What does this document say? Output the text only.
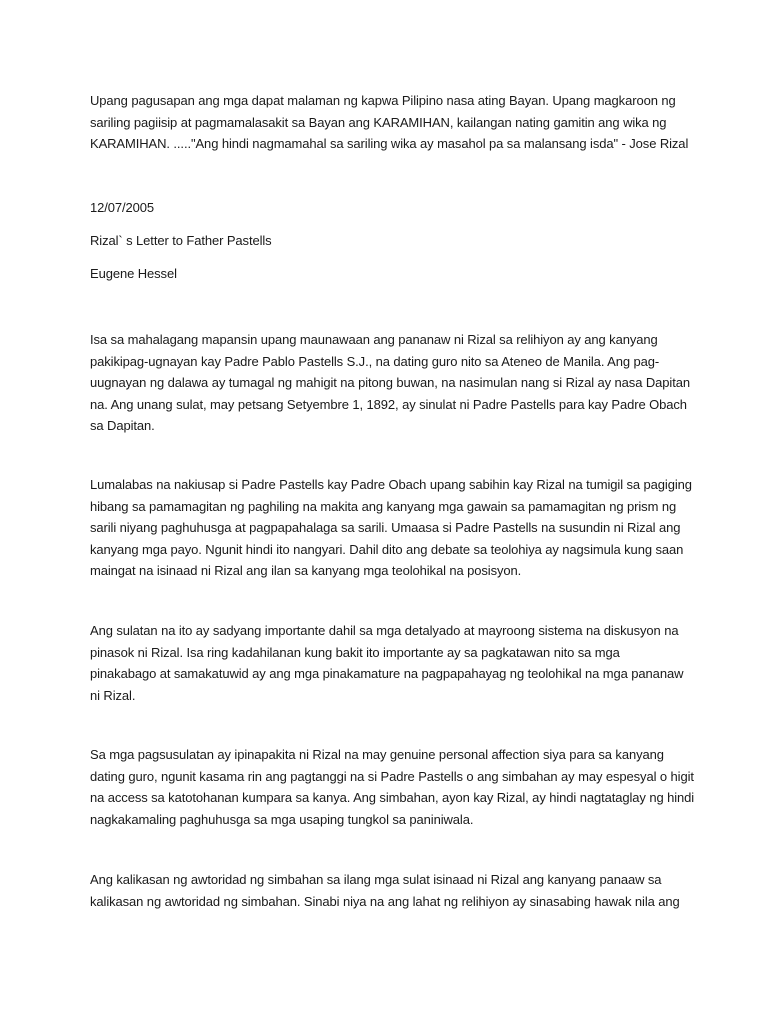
Upang pagusapan ang mga dapat malaman ng kapwa Pilipino nasa ating Bayan. Upang magkaroon ng
sariling pagiisip at pagmamalasakit sa Bayan ang KARAMIHAN, kailangan nating gamitin ang wika ng
KARAMIHAN. ....."Ang hindi nagmamahal sa sariling wika ay masahol pa sa malansang isda" - Jose Rizal

12/07/2005

Rizal` s Letter to Father Pastells

Eugene Hessel

Isa sa mahalagang mapansin upang maunawaan ang pananaw ni Rizal sa relihiyon ay ang kanyang
pakikipag-ugnayan kay Padre Pablo Pastells S.J., na dating guro nito sa Ateneo de Manila. Ang pag-
uugnayan ng dalawa ay tumagal ng mahigit na pitong buwan, na nasimulan nang si Rizal ay nasa Dapitan
na. Ang unang sulat, may petsang Setyembre 1, 1892, ay sinulat ni Padre Pastells para kay Padre Obach
sa Dapitan.

Lumalabas na nakiusap si Padre Pastells kay Padre Obach upang sabihin kay Rizal na tumigil sa pagiging
hibang sa pamamagitan ng paghiling na makita ang kanyang mga gawain sa pamamagitan ng prism ng
sarili niyang paghuhusga at pagpapahalaga sa sarili. Umaasa si Padre Pastells na susundin ni Rizal ang
kanyang mga payo. Ngunit hindi ito nangyari. Dahil dito ang debate sa teolohiya ay nagsimula kung saan
maingat na isinaad ni Rizal ang ilan sa kanyang mga teolohikal na posisyon.

Ang sulatan na ito ay sadyang importante dahil sa mga detalyado at mayroong sistema na diskusyon na
pinasok ni Rizal. Isa ring kadahilanan kung bakit ito importante ay sa pagkatawan nito sa mga
pinakabago at samakatuwid ay ang mga pinakamature na pagpapahayag ng teolohikal na mga pananaw
ni Rizal.

Sa mga pagsusulatan ay ipinapakita ni Rizal na may genuine personal affection siya para sa kanyang
dating guro, ngunit kasama rin ang pagtanggi na si Padre Pastells o ang simbahan ay may espesyal o higit
na access sa katotohanan kumpara sa kanya. Ang simbahan, ayon kay Rizal, ay hindi nagtataglay ng hindi
nagkakamaling paghuhusga sa mga usaping tungkol sa paniniwala.

Ang kalikasan ng awtoridad ng simbahan sa ilang mga sulat isinaad ni Rizal ang kanyang panaaw sa
kalikasan ng awtoridad ng simbahan. Sinabi niya na ang lahat ng relihiyon ay sinasabing hawak nila ang
